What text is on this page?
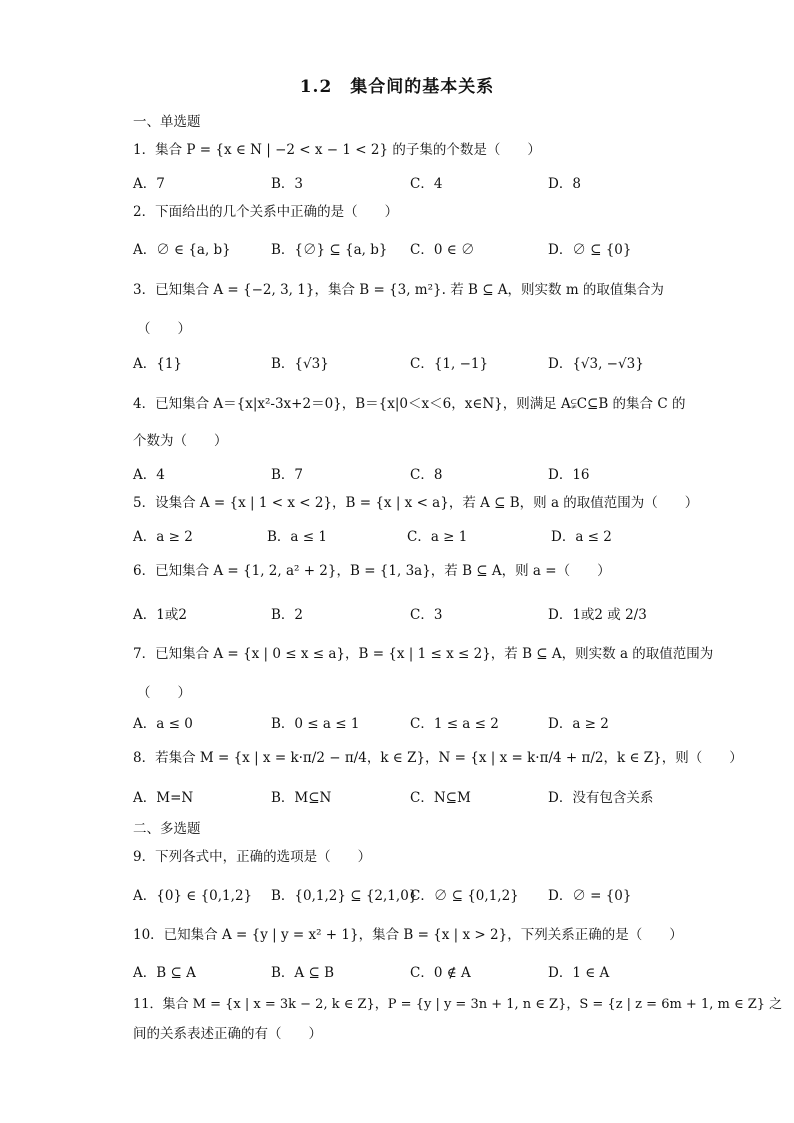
1.2　集合间的基本关系
一、单选题
1．集合 P = {x ∈ N | −2 < x − 1 < 2} 的子集的个数是（　　）
A．7	B．3	C．4	D．8
2．下面给出的几个关系中正确的是（　　）
A．∅ ∈ {a, b}	B．{∅} ⊆ {a, b} C．0 ∈ ∅	D．∅ ⊆ {0}
3．已知集合 A = {−2, 3, 1}，集合 B = {3, m²}. 若 B ⊆ A，则实数 m 的取值集合为
（　　）
A．{1}	B．{√3}	C．{1, −1}	D．{√3, −√3}
4．已知集合 A＝{x|x²-3x+2＝0}，B＝{x|0＜x＜6，x∈N}，则满足 A⫋C⊆B 的集合 C 的
个数为（　　）
A．4	B．7	C．8	D．16
5．设集合 A = {x | 1 < x < 2}，B = {x | x < a}，若 A ⊆ B，则 a 的取值范围为（　　）
A．a ≥ 2	B．a ≤ 1	C．a ≥ 1	D．a ≤ 2
6．已知集合 A = {1, 2, a² + 2}，B = {1, 3a}，若 B ⊆ A，则 a =（　　）
A．1或2	B．2	C．3	D．1或2 或 2/3
7．已知集合 A = {x | 0 ≤ x ≤ a}，B = {x | 1 ≤ x ≤ 2}，若 B ⊆ A，则实数 a 的取值范围为
（　　）
A．a ≤ 0	B．0 ≤ a ≤ 1	C．1 ≤ a ≤ 2	D．a ≥ 2
8．若集合 M = {x | x = k·π/2 − π/4，k ∈ Z}，N = {x | x = k·π/4 + π/2，k ∈ Z}，则（　　）
A．M=N	B．M⊆N	C．N⊆M	D．没有包含关系
二、多选题
9．下列各式中，正确的选项是（　　）
A．{0} ∈ {0,1,2} B．{0,1,2} ⊆ {2,1,0}
C．∅ ⊆ {0,1,2} D．∅ = {0}
10．已知集合 A = {y | y = x² + 1}，集合 B = {x | x > 2}，下列关系正确的是（　　）
A．B ⊆ A	B．A ⊆ B	C．0 ∉ A	D．1 ∈ A
11．集合 M = {x | x = 3k − 2, k ∈ Z}，P = {y | y = 3n + 1, n ∈ Z}，S = {z | z = 6m + 1, m ∈ Z} 之
间的关系表述正确的有（　　）
